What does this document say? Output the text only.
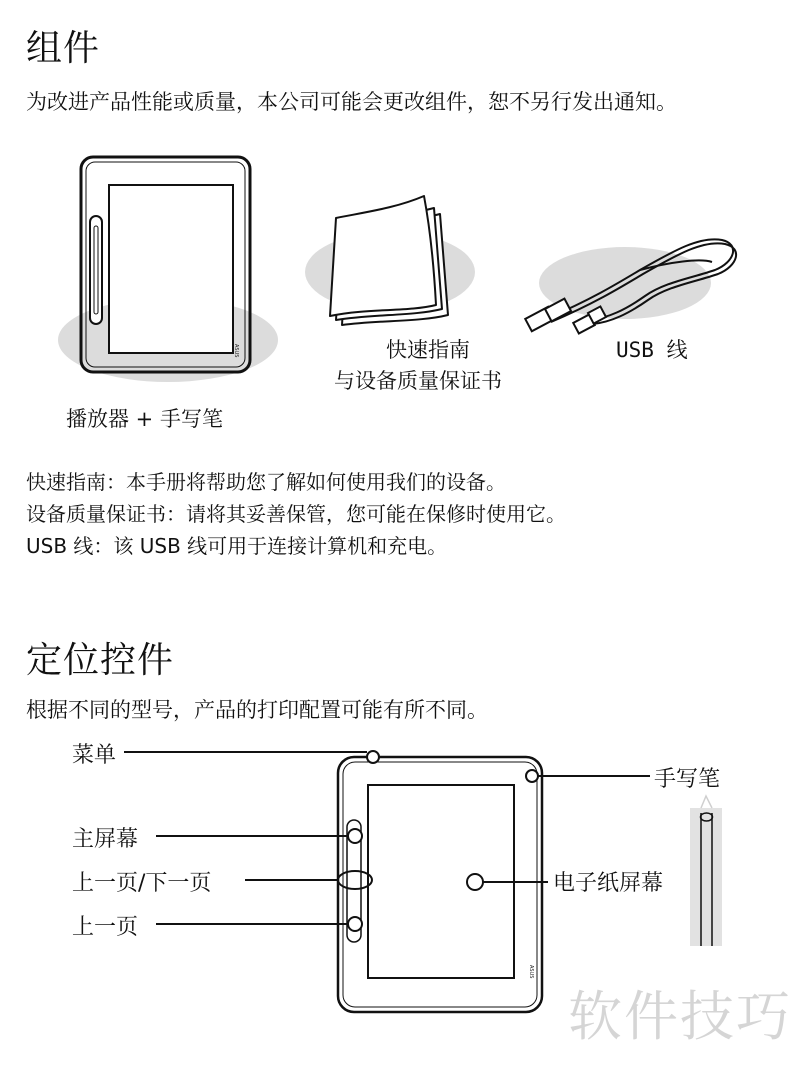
组件
为改进产品性能或质量，本公司可能会更改组件，恕不另行发出通知。
ASUS	快速指南
与设备质量保证书
USB 线
播放器 + 手写笔
快速指南：本手册将帮助您了解如何使用我们的设备。
设备质量保证书：请将其妥善保管，您可能在保修时使用它。
USB 线：该 USB 线可用于连接计算机和充电。
定位控件
根据不同的型号，产品的打印配置可能有所不同。
ASUS
菜单
手写笔
主屏幕
上一页/下一页
上一页
电子纸屏幕
软件技巧
